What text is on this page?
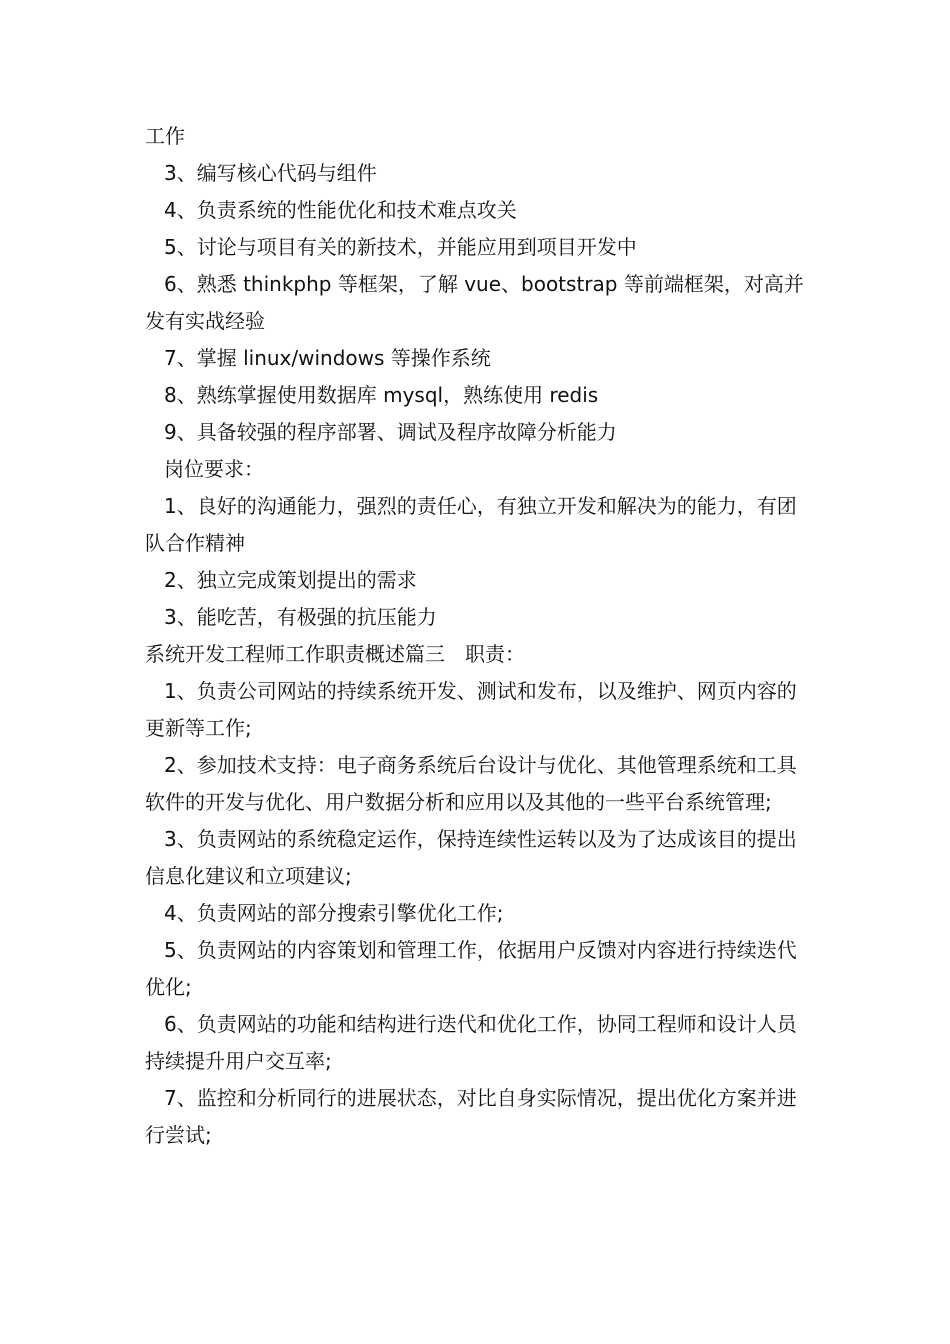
工作

3、编写核心代码与组件

4、负责系统的性能优化和技术难点攻关

5、讨论与项目有关的新技术，并能应用到项目开发中

6、熟悉 thinkphp 等框架，了解 vue、bootstrap 等前端框架，对高并发有实战经验

7、掌握 linux/windows 等操作系统

8、熟练掌握使用数据库 mysql，熟练使用 redis

9、具备较强的程序部署、调试及程序故障分析能力

岗位要求：

1、良好的沟通能力，强烈的责任心，有独立开发和解决为的能力，有团队合作精神

2、独立完成策划提出的需求

3、能吃苦，有极强的抗压能力

系统开发工程师工作职责概述篇三　职责：

1、负责公司网站的持续系统开发、测试和发布，以及维护、网页内容的更新等工作;

2、参加技术支持：电子商务系统后台设计与优化、其他管理系统和工具软件的开发与优化、用户数据分析和应用以及其他的一些平台系统管理;

3、负责网站的系统稳定运作，保持连续性运转以及为了达成该目的提出信息化建议和立项建议;

4、负责网站的部分搜索引擎优化工作;

5、负责网站的内容策划和管理工作，依据用户反馈对内容进行持续迭代优化;

6、负责网站的功能和结构进行迭代和优化工作，协同工程师和设计人员持续提升用户交互率;

7、监控和分析同行的进展状态，对比自身实际情况，提出优化方案并进行尝试;
